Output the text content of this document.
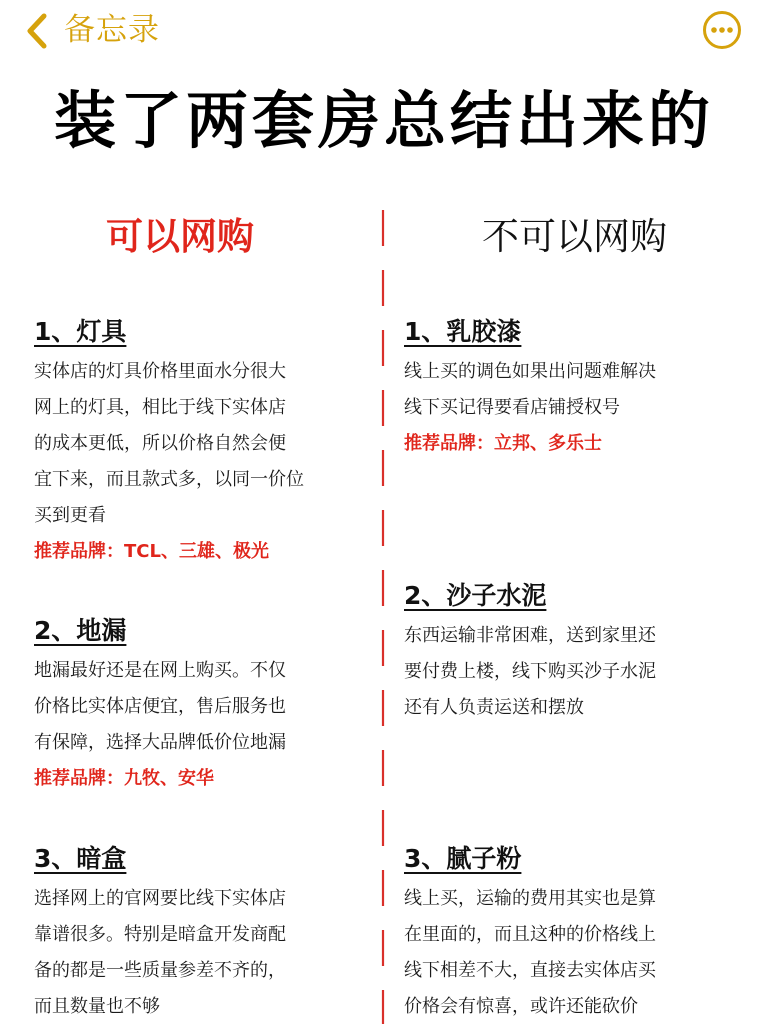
备忘录
装了两套房总结出来的
可以网购	不可以网购
1、灯具
实体店的灯具价格里面水分很大
网上的灯具，相比于线下实体店
的成本更低，所以价格自然会便
宜下来，而且款式多，以同一价位
买到更看
推荐品牌：TCL、三雄、极光
2、地漏
地漏最好还是在网上购买。不仅
价格比实体店便宜，售后服务也
有保障，选择大品牌低价位地漏
推荐品牌：九牧、安华
3、暗盒
选择网上的官网要比线下实体店
靠谱很多。特别是暗盒开发商配
备的都是一些质量参差不齐的，
而且数量也不够
1、乳胶漆
线上买的调色如果出问题难解决
线下买记得要看店铺授权号
推荐品牌：立邦、多乐士
2、沙子水泥
东西运输非常困难，送到家里还
要付费上楼，线下购买沙子水泥
还有人负责运送和摆放
3、腻子粉
线上买，运输的费用其实也是算
在里面的，而且这种的价格线上
线下相差不大，直接去实体店买
价格会有惊喜，或许还能砍价
